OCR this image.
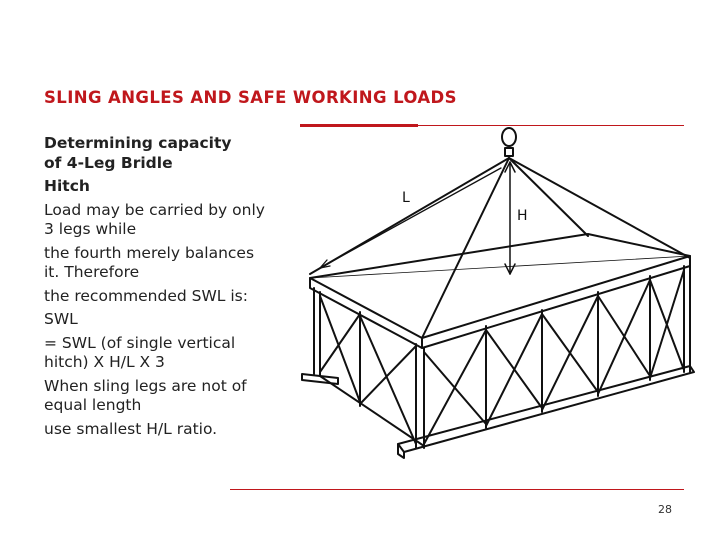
SLING ANGLES AND SAFE WORKING LOADS
Determining capacity
of 4-Leg Bridle
Hitch
Load may be carried by only 3 legs while
the fourth merely balances it. Therefore
the recommended SWL is:
SWL
= SWL (of single vertical hitch) X H/L X 3
When sling legs are not of equal length
use smallest H/L ratio.
28
L
H
